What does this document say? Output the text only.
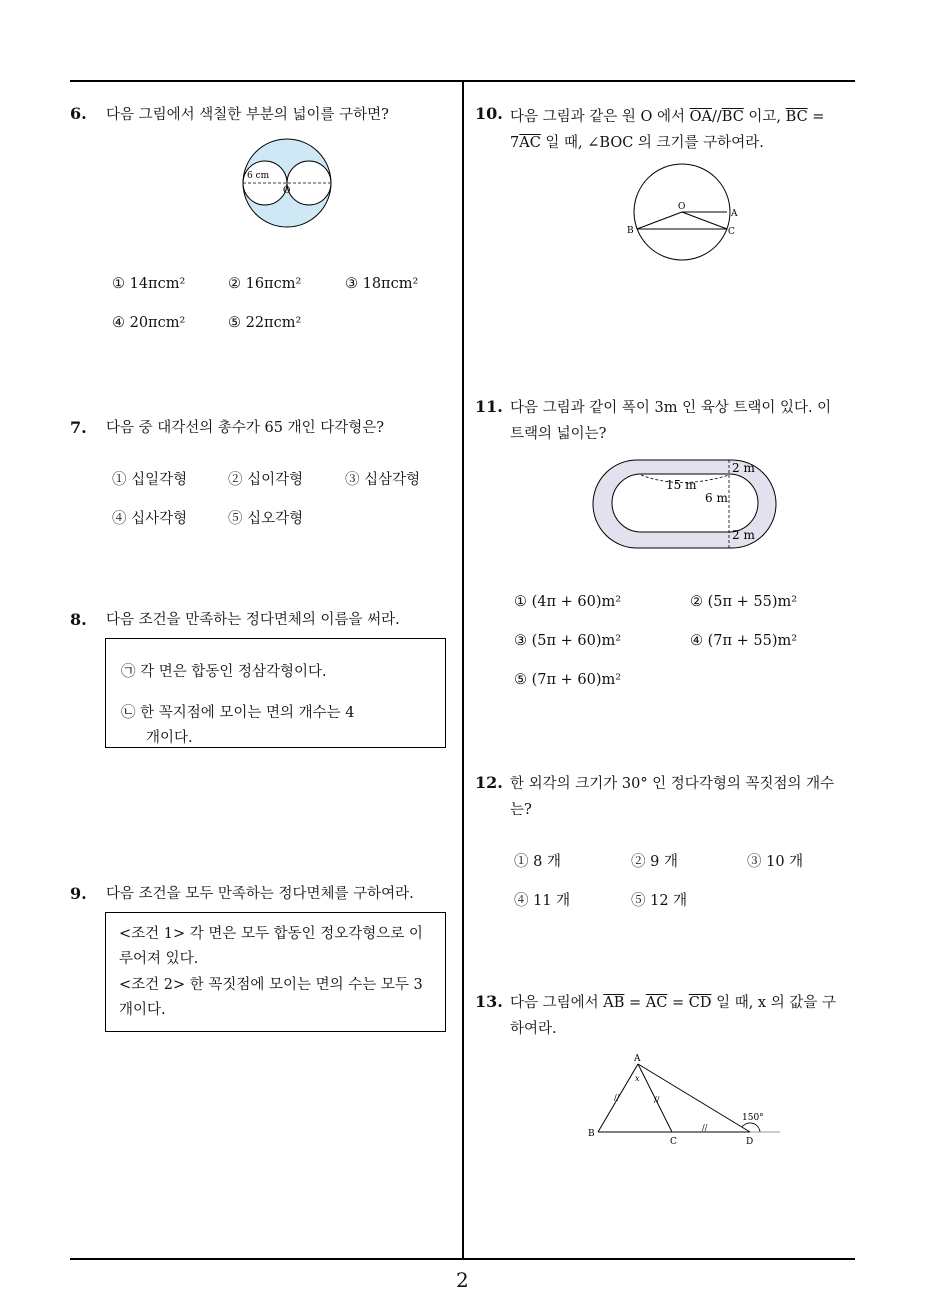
2
6. 다음 그림에서 색칠한 부분의 넓이를 구하면?
6 cm
O
① 14πcm²	② 16πcm²	③ 18πcm²
④ 20πcm²	⑤ 22πcm²
7. 다음 중 대각선의 총수가 65 개인 다각형은?
① 십일각형	② 십이각형	③ 십삼각형
④ 십사각형	⑤ 십오각형
8. 다음 조건을 만족하는 정다면체의 이름을 써라.
㉠ 각 면은 합동인 정삼각형이다.
㉡ 한 꼭지점에 모이는 면의 개수는 4
개이다.
9. 다음 조건을 모두 만족하는 정다면체를 구하여라.
<조건 1> 각 면은 모두 합동인 정오각형으로 이
루어져 있다.
<조건 2> 한 꼭짓점에 모이는 면의 수는 모두 3
개이다.
10. 다음 그림과 같은 원 O 에서 $\overline{OA}//\overline{BC}$ 이고, $\overline{BC}$ =
$7\overline{AC}$ 일 때, ∠BOC 의 크기를 구하여라.
O
A
B	C
11. 다음 그림과 같이 폭이 3m 인 육상 트랙이 있다. 이
트랙의 넓이는?
2 m
15 m
6 m
2 m
① (4π + 60)m²	② (5π + 55)m²
③ (5π + 60)m²	④ (7π + 55)m²
⑤ (7π + 60)m²
12. 한 외각의 크기가 30° 인 정다각형의 꼭짓점의 개수
는?
① 8 개	② 9 개	③ 10 개
④ 11 개	⑤ 12 개
13. 다음 그림에서 $\overline{AB} = \overline{AC} = \overline{CD}$ 일 때, x 의 값을 구
하여라.
A
B
C	D
x
150°
//	//
//
